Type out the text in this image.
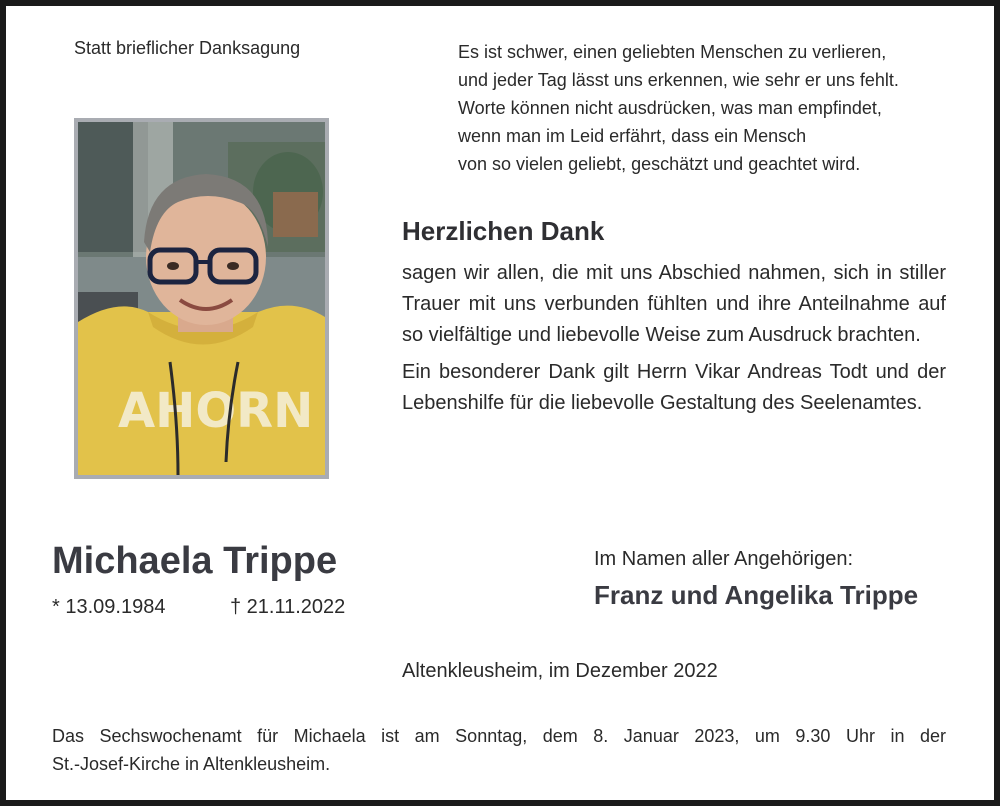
Statt brieflicher Danksagung	Es ist schwer, einen geliebten Menschen zu verlieren,
und jeder Tag lässt uns erkennen, wie sehr er uns fehlt.
Worte können nicht ausdrücken, was man empfindet,
wenn man im Leid erfährt, dass ein Mensch
von so vielen geliebt, geschätzt und geachtet wird.
AHORN
Herzlichen Dank

sagen wir allen, die mit uns Abschied nahmen, sich in stiller Trauer mit uns verbunden fühlten und ihre Anteilnahme auf so vielfältige und liebevolle Weise zum Ausdruck brachten.

Ein besonderer Dank gilt Herrn Vikar Andreas Todt und der Lebenshilfe für die liebevolle Gestaltung des Seelenamtes.

Michaela Trippe
* 13.09.1984	† 21.11.2022
Im Namen aller Angehörigen:
Franz und Angelika Trippe
Altenkleusheim, im Dezember 2022
Das Sechswochenamt für Michaela ist am Sonntag, dem 8. Januar 2023, um 9.30 Uhr in der
St.-Josef-Kirche in Altenkleusheim.
